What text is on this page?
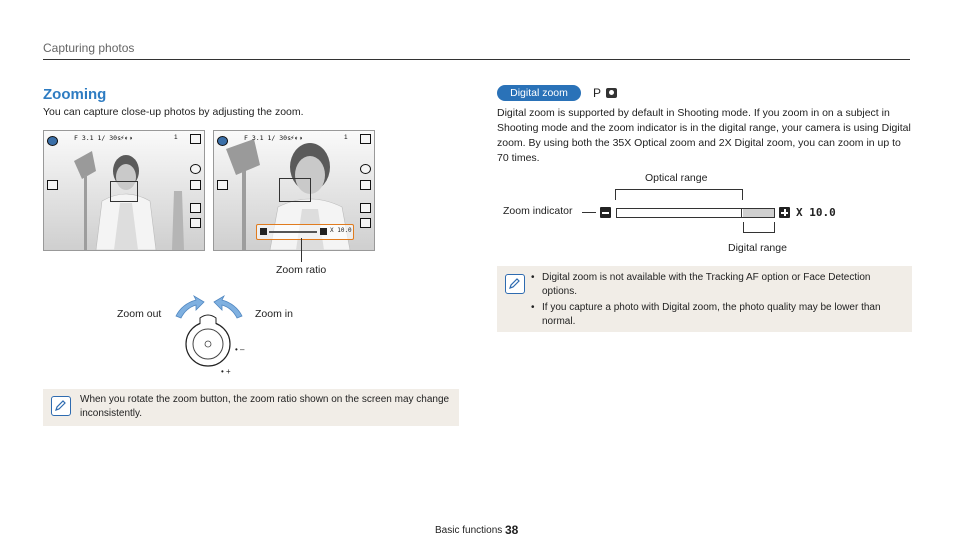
Capturing photos
Zooming
You can capture close-up photos by adjusting the zoom.
F 3.1 1/ 30s ⚡◐◑	1	F 3.1 1/ 30s ⚡◐◑	1
X 10.0
Zoom ratio
Zoom out	Zoom in
• –
• +
When you rotate the zoom button, the zoom ratio shown on the screen may change inconsistently.
Digital zoom	P
Digital zoom is supported by default in Shooting mode. If you zoom in on a subject in Shooting mode and the zoom indicator is in the digital range, your camera is using Digital zoom. By using both the 35X Optical zoom and 2X Digital zoom, you can zoom in up to 70 times.
Optical range
Zoom indicator	X 10.0
Digital range
• Digital zoom is not available with the Tracking AF option or Face Detection options.
• If you capture a photo with Digital zoom, the photo quality may be lower than normal.
Basic functions 38
